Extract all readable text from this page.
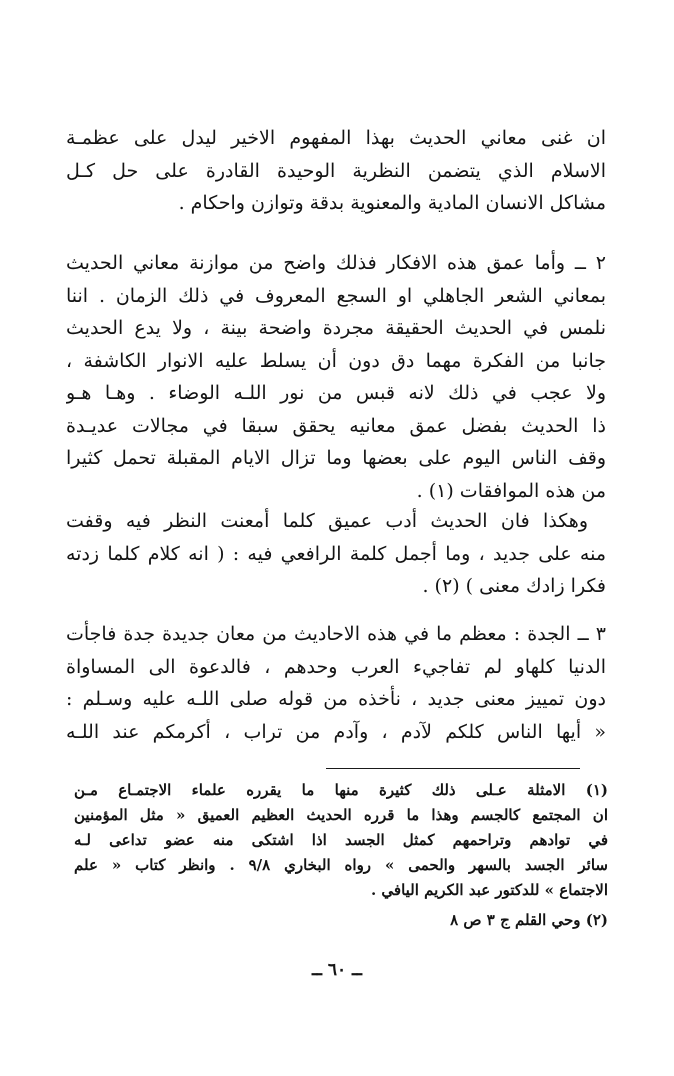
ان غنى معاني الحديث بهذا المفهوم الاخير ليدل على عظمـة
الاسلام الذي يتضمن النظرية الوحيدة القادرة على حل كـل
مشاكل الانسان المادية والمعنوية بدقة وتوازن واحكام .
٢ ــ وأما عمق هذه الافكار فذلك واضح من موازنة معاني الحديث
بمعاني الشعر الجاهلي او السجع المعروف في ذلك الزمان . اننا
نلمس في الحديث الحقيقة مجردة واضحة بينة ، ولا يدع الحديث
جانبا من الفكرة مهما دق دون أن يسلط عليه الانوار الكاشفة ،
ولا عجب في ذلك لانه قبس من نور اللـه الوضاء . وهـا هـو
ذا الحديث بفضل عمق معانيه يحقق سبقا في مجالات عديـدة
وقف الناس اليوم على بعضها وما تزال الايام المقبلة تحمل كثيرا
من هذه الموافقات (١) .
وهكذا فان الحديث أدب عميق كلما أمعنت النظر فيه وقفت
منه على جديد ، وما أجمل كلمة الرافعي فيه : ( انه كلام كلما زدته
فكرا زادك معنى ) (٢) .
٣ ــ الجدة : معظم ما في هذه الاحاديث من معان جديدة جدة فاجأت
الدنيا كلهاو لم تفاجيء العرب وحدهم ، فالدعوة الى المساواة
دون تمييز معنى جديد ، نأخذه من قوله صلى اللـه عليه وسـلم :
« أيها الناس كلكم لآدم ، وآدم من تراب ، أكرمكم عند اللـه
(١) الامثلة عـلى ذلك كثيرة منها ما يقرره علماء الاجتمـاع مـن
ان المجتمع كالجسم وهذا ما قرره الحديث العظيم العميق « مثل المؤمنين
في توادهم وتراحمهم كمثل الجسد اذا اشتكى منه عضو تداعى لـه
سائر الجسد بالسهر والحمى » رواه البخاري ٩/٨ . وانظر كتاب « علم
الاجتماع » للدكتور عبد الكريم اليافي .
(٢) وحي القلم ج ٣ ص ٨
ــ ٦٠ ــ
